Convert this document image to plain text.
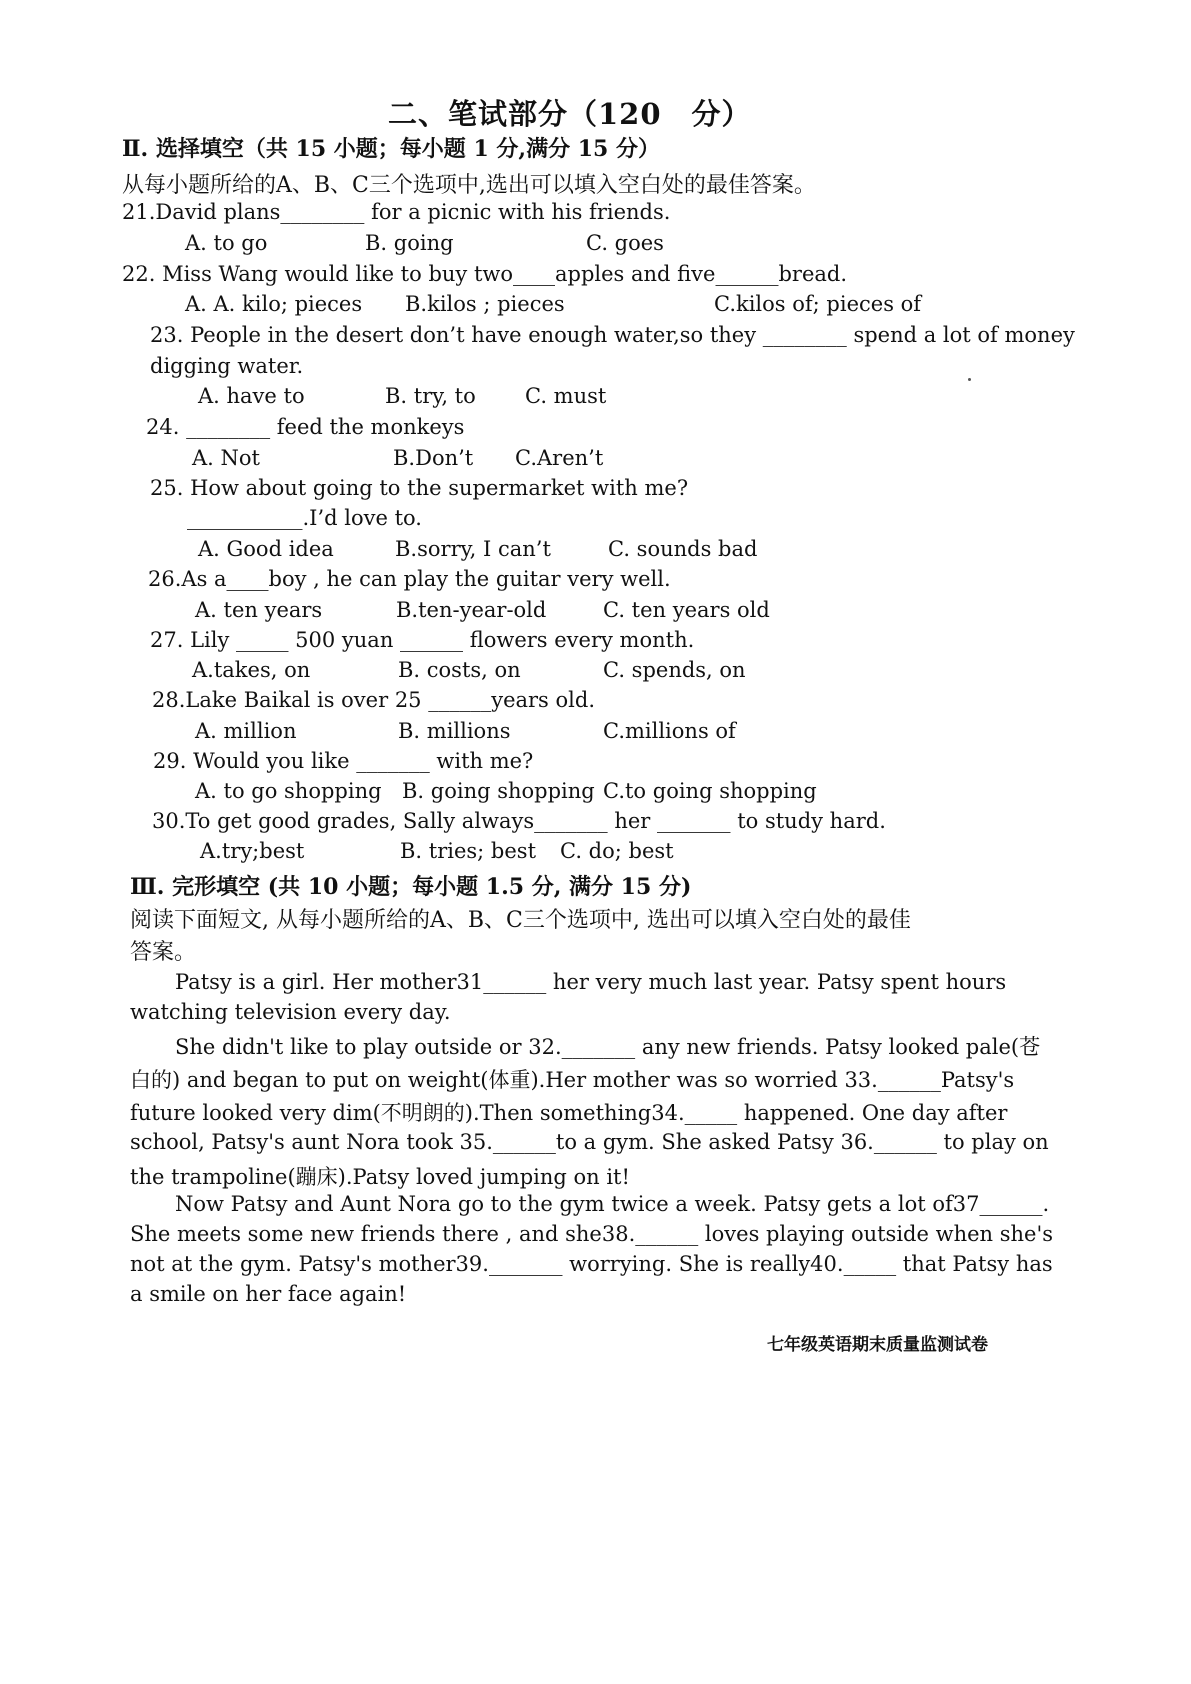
二、笔试部分（120　分）
Ⅱ. 选择填空（共 15 小题；每小题 1 分,满分 15 分）
从每小题所给的A、B、C三个选项中,选出可以填入空白处的最佳答案。
21.David plans________ for a picnic with his friends.
A. to go	B. going	C. goes
22. Miss Wang would like to buy two____apples and five______bread.
A. A. kilo; pieces B.kilos ; pieces	C.kilos of; pieces of
23. People in the desert don’t have enough water,so they ________ spend a lot of money
digging water.
A. have to	B. try, to C. must
24. ________ feed the monkeys
A. Not	B.Don’t C.Aren’t
25. How about going to the supermarket with me?
___________.I’d love to.
A. Good idea	B.sorry, I can’t	C. sounds bad
26.As a____boy , he can play the guitar very well.
A. ten years	B.ten-year-old	C. ten years old
27. Lily _____ 500 yuan ______ flowers every month.
A.takes, on	B. costs, on	C. spends, on
28.Lake Baikal is over 25 ______years old.
A. million	B. millions	C.millions of
29. Would you like _______ with me?
A. to go shopping B. going shopping C.to going shopping
30.To get good grades, Sally always_______ her _______ to study hard.
A.try;best	B. tries; best C. do; best
Ⅲ. 完形填空 (共 10 小题；每小题 1.5 分, 满分 15 分)
阅读下面短文, 从每小题所给的A、B、C三个选项中, 选出可以填入空白处的最佳
答案。
Patsy is a girl. Her mother31______ her very much last year. Patsy spent hours
watching television every day.
She didn't like to play outside or 32._______ any new friends. Patsy looked pale(苍
白的) and began to put on weight(体重).Her mother was so worried 33.______Patsy's
future looked very dim(不明朗的).Then something34._____ happened. One day after
school, Patsy's aunt Nora took 35.______to a gym. She asked Patsy 36.______ to play on
the trampoline(蹦床).Patsy loved jumping on it!
Now Patsy and Aunt Nora go to the gym twice a week. Patsy gets a lot of37______.
She meets some new friends there , and she38.______ loves playing outside when she's
not at the gym. Patsy's mother39._______ worrying. She is really40._____ that Patsy has
a smile on her face again!
七年级英语期末质量监测试卷
